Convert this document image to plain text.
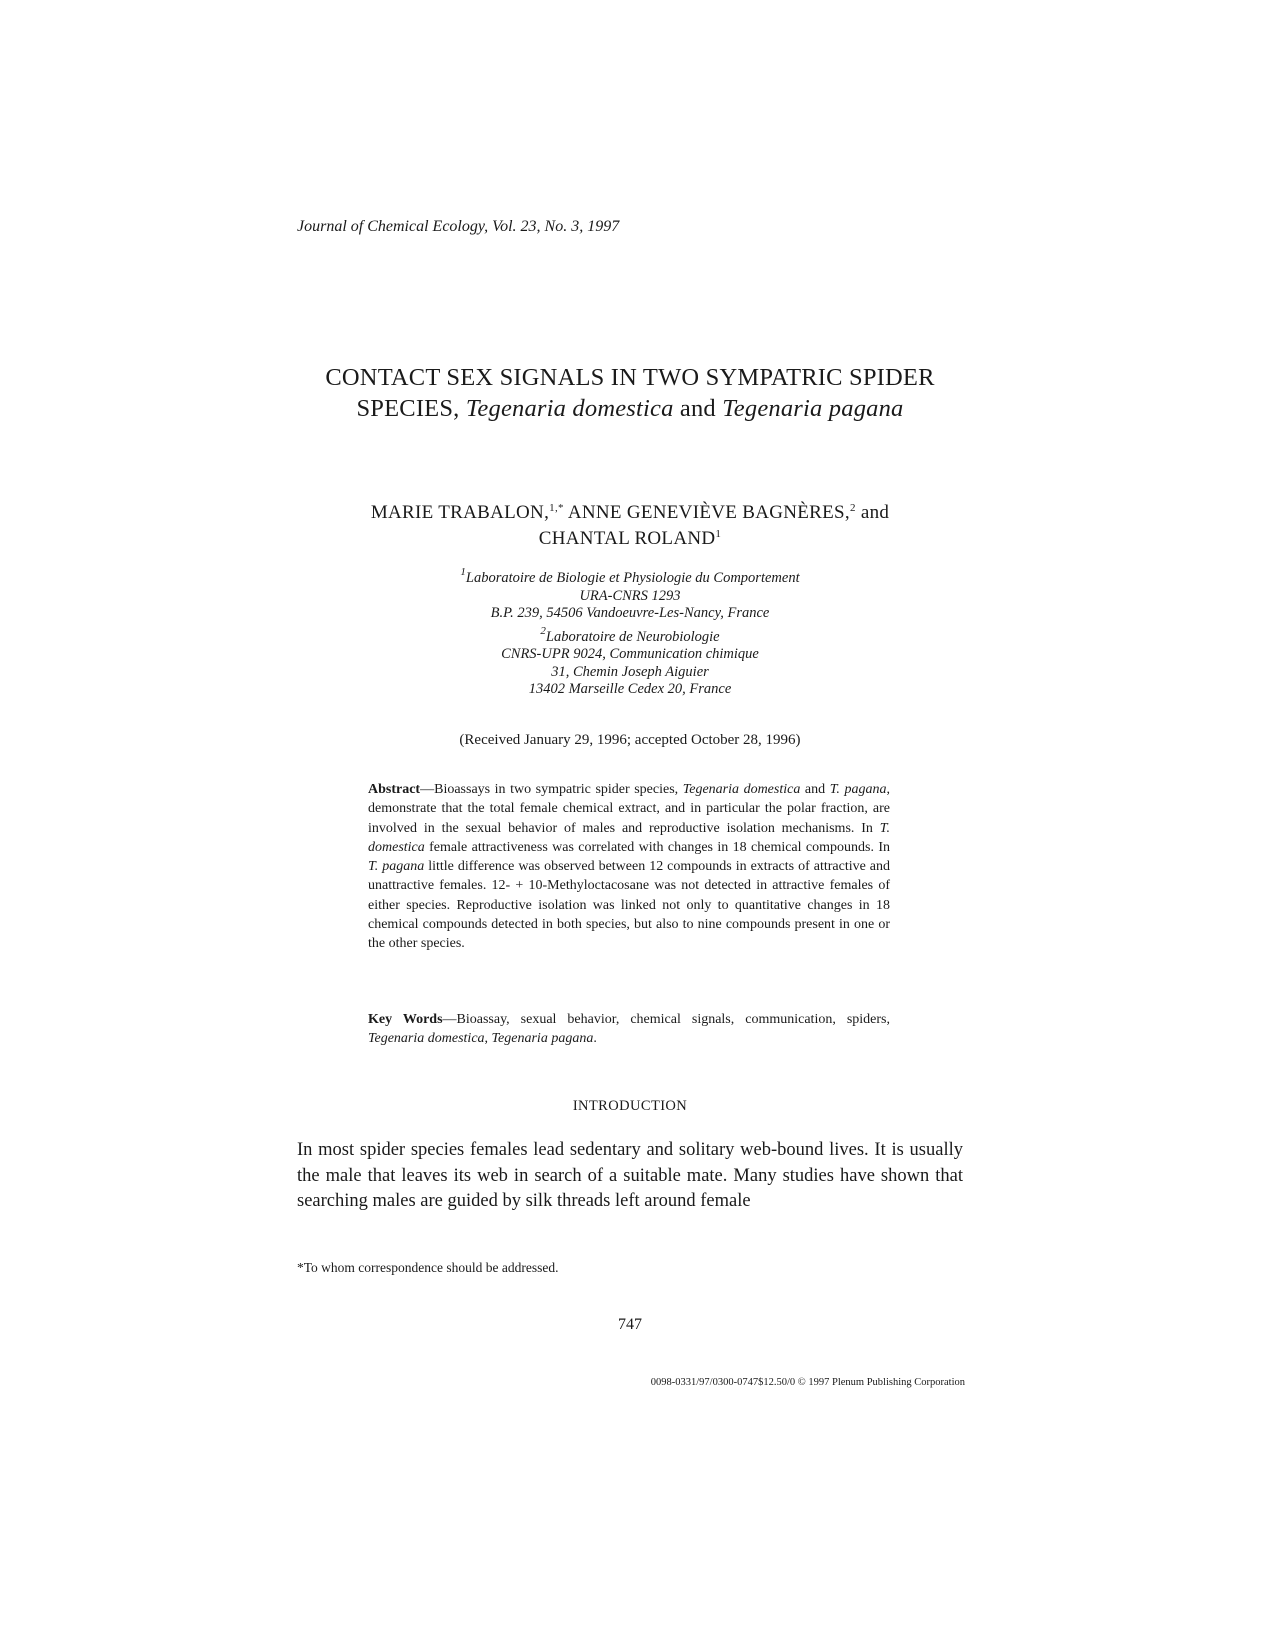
Journal of Chemical Ecology, Vol. 23, No. 3, 1997
CONTACT SEX SIGNALS IN TWO SYMPATRIC SPIDER
SPECIES, Tegenaria domestica and Tegenaria pagana
MARIE TRABALON,$^{1,*}$ ANNE GENEVIÈVE BAGNÈRES,$^2$ and
CHANTAL ROLAND$^1$
$^1$Laboratoire de Biologie et Physiologie du Comportement
URA-CNRS 1293
B.P. 239, 54506 Vandoeuvre-Les-Nancy, France
$^2$Laboratoire de Neurobiologie
CNRS-UPR 9024, Communication chimique
31, Chemin Joseph Aiguier
13402 Marseille Cedex 20, France
(Received January 29, 1996; accepted October 28, 1996)
Abstract—Bioassays in two sympatric spider species, Tegenaria domestica and T. pagana, demonstrate that the total female chemical extract, and in particular the polar fraction, are involved in the sexual behavior of males and reproductive isolation mechanisms. In T. domestica female attractiveness was correlated with changes in 18 chemical compounds. In T. pagana little difference was observed between 12 compounds in extracts of attractive and unattractive females. 12- + 10-Methyloctacosane was not detected in attractive females of either species. Reproductive isolation was linked not only to quantitative changes in 18 chemical compounds detected in both species, but also to nine compounds present in one or the other species.
Key Words—Bioassay, sexual behavior, chemical signals, communication, spiders, Tegenaria domestica, Tegenaria pagana.
INTRODUCTION
In most spider species females lead sedentary and solitary web-bound lives. It is usually the male that leaves its web in search of a suitable mate. Many studies have shown that searching males are guided by silk threads left around female
*To whom correspondence should be addressed.
747
0098-0331/97/0300-0747$12.50/0 © 1997 Plenum Publishing Corporation
